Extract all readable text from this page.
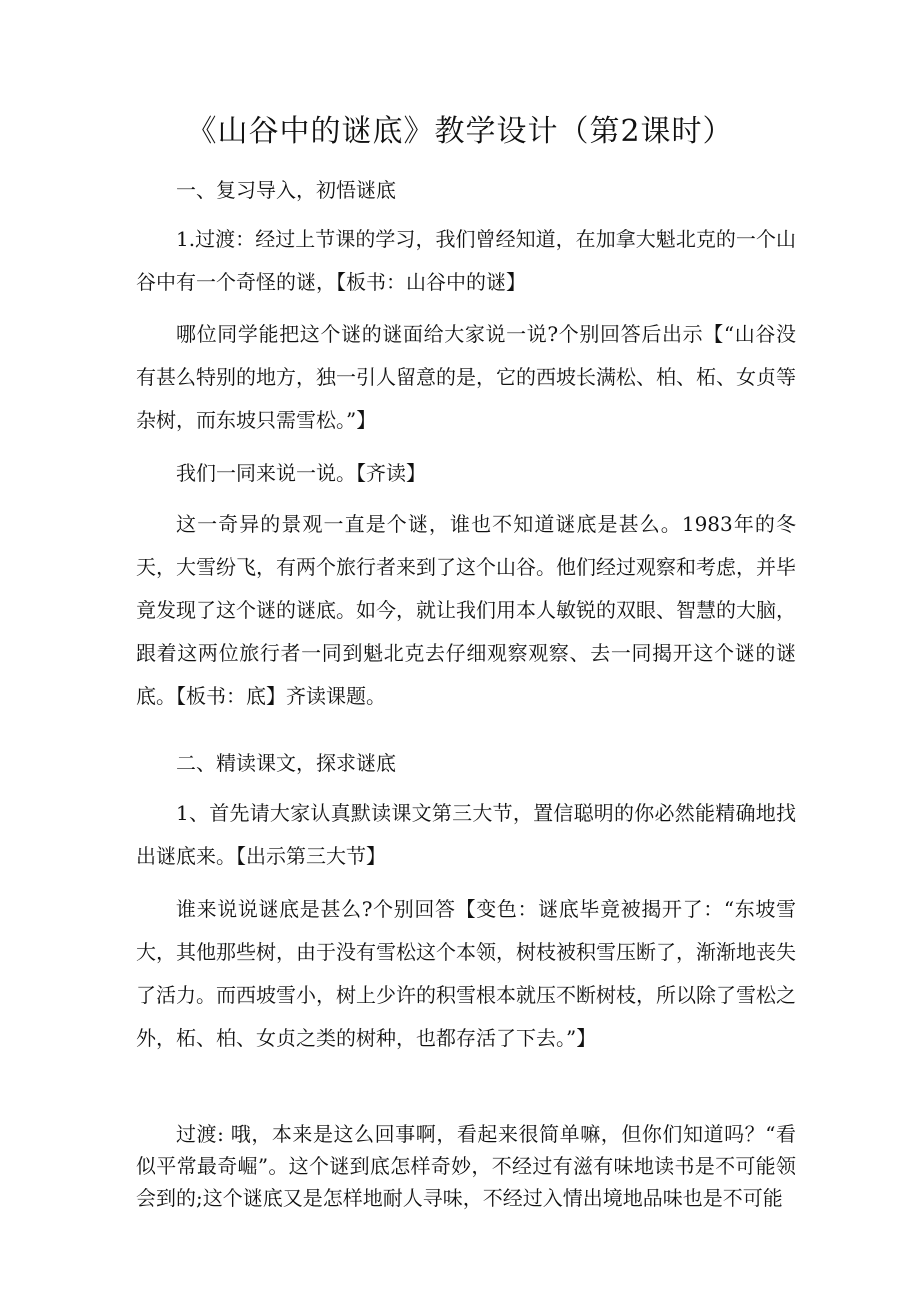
《山谷中的谜底》教学设计（第2课时）

一、复习导入，初悟谜底

1.过渡：经过上节课的学习，我们曾经知道，在加拿大魁北克的一个山谷中有一个奇怪的谜，【板书：山谷中的谜】

哪位同学能把这个谜的谜面给大家说一说?个别回答后出示【“山谷没有甚么特别的地方，独一引人留意的是，它的西坡长满松、柏、柘、女贞等杂树，而东坡只需雪松。”】

我们一同来说一说。【齐读】

这一奇异的景观一直是个谜，谁也不知道谜底是甚么。1983年的冬天，大雪纷飞，有两个旅行者来到了这个山谷。他们经过观察和考虑，并毕竟发现了这个谜的谜底。如今，就让我们用本人敏锐的双眼、智慧的大脑，跟着这两位旅行者一同到魁北克去仔细观察观察、去一同揭开这个谜的谜底。【板书：底】齐读课题。

二、精读课文，探求谜底

1、首先请大家认真默读课文第三大节，置信聪明的你必然能精确地找出谜底来。【出示第三大节】

谁来说说谜底是甚么?个别回答【变色：谜底毕竟被揭开了：“东坡雪大，其他那些树，由于没有雪松这个本领，树枝被积雪压断了，渐渐地丧失了活力。而西坡雪小，树上少许的积雪根本就压不断树枝，所以除了雪松之外，柘、柏、女贞之类的树种，也都存活了下去。”】

过渡: 哦，本来是这么回事啊，看起来很简单嘛，但你们知道吗？“看似平常最奇崛”。这个谜到底怎样奇妙，不经过有滋有味地读书是不可能领会到的;这个谜底又是怎样地耐人寻味，不经过入情出境地品味也是不可能
